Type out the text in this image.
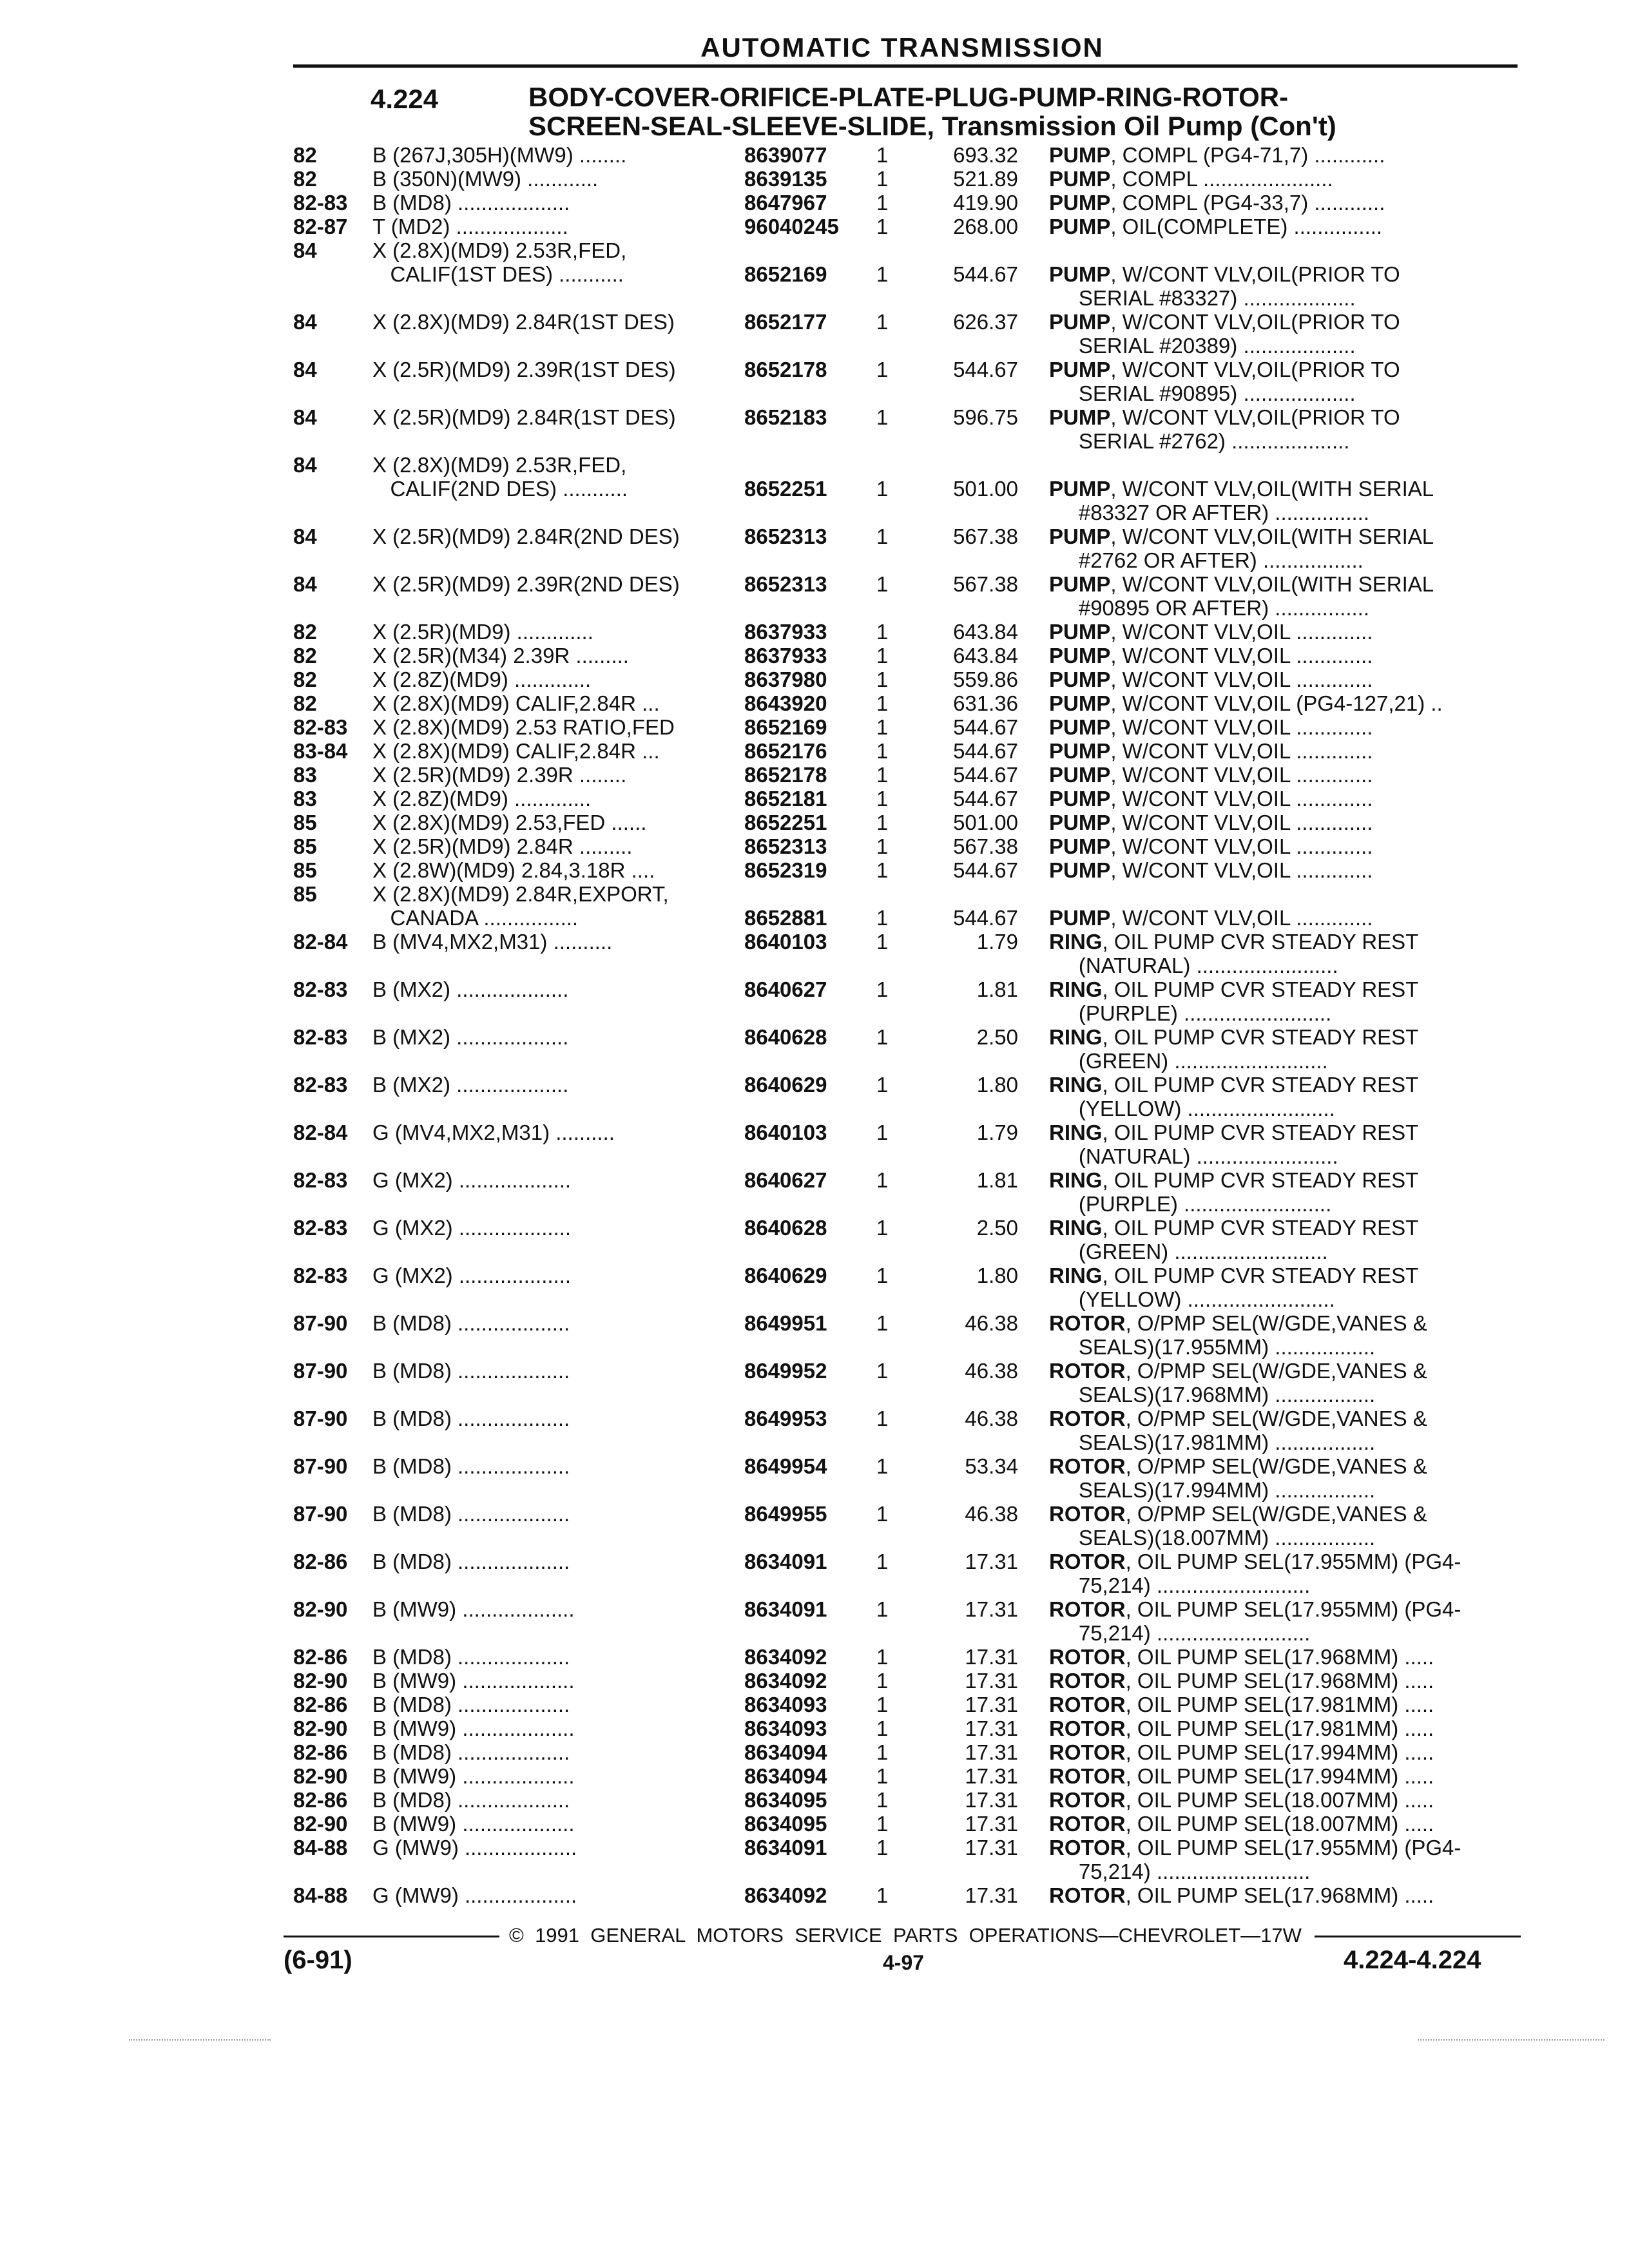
AUTOMATIC TRANSMISSION
4.224	BODY-COVER-ORIFICE-PLATE-PLUG-PUMP-RING-ROTOR-
SCREEN-SEAL-SLEEVE-SLIDE, Transmission Oil Pump (Con't)
82	B (267J,305H)(MW9) ........	8639077	1	693.32 PUMP, COMPL (PG4-71,7) ............
82	B (350N)(MW9) ............	8639135	1	521.89 PUMP, COMPL ......................
82-83	B (MD8) ...................	8647967	1	419.90 PUMP, COMPL (PG4-33,7) ............
82-87	T (MD2) ...................	96040245	1	268.00 PUMP, OIL(COMPLETE) ...............
84	X (2.8X)(MD9) 2.53R,FED,
CALIF(1ST DES) ...........	8652169	1	544.67 PUMP, W/CONT VLV,OIL(PRIOR TO
SERIAL #83327) ...................
84	X (2.8X)(MD9) 2.84R(1ST DES)	8652177	1	626.37 PUMP, W/CONT VLV,OIL(PRIOR TO
SERIAL #20389) ...................
84	X (2.5R)(MD9) 2.39R(1ST DES)	8652178	1	544.67 PUMP, W/CONT VLV,OIL(PRIOR TO
SERIAL #90895) ...................
84	X (2.5R)(MD9) 2.84R(1ST DES)	8652183	1	596.75 PUMP, W/CONT VLV,OIL(PRIOR TO
SERIAL #2762) ....................
84	X (2.8X)(MD9) 2.53R,FED,
CALIF(2ND DES) ...........	8652251	1	501.00 PUMP, W/CONT VLV,OIL(WITH SERIAL
#83327 OR AFTER) ................
84	X (2.5R)(MD9) 2.84R(2ND DES)	8652313	1	567.38 PUMP, W/CONT VLV,OIL(WITH SERIAL
#2762 OR AFTER) .................
84	X (2.5R)(MD9) 2.39R(2ND DES)	8652313	1	567.38 PUMP, W/CONT VLV,OIL(WITH SERIAL
#90895 OR AFTER) ................
82	X (2.5R)(MD9) .............	8637933	1	643.84 PUMP, W/CONT VLV,OIL .............
82	X (2.5R)(M34) 2.39R .........	8637933	1	643.84 PUMP, W/CONT VLV,OIL .............
82	X (2.8Z)(MD9) .............	8637980	1	559.86 PUMP, W/CONT VLV,OIL .............
82	X (2.8X)(MD9) CALIF,2.84R ...	8643920	1	631.36 PUMP, W/CONT VLV,OIL (PG4-127,21) ..
82-83	X (2.8X)(MD9) 2.53 RATIO,FED	8652169	1	544.67 PUMP, W/CONT VLV,OIL .............
83-84	X (2.8X)(MD9) CALIF,2.84R ...	8652176	1	544.67 PUMP, W/CONT VLV,OIL .............
83	X (2.5R)(MD9) 2.39R ........	8652178	1	544.67 PUMP, W/CONT VLV,OIL .............
83	X (2.8Z)(MD9) .............	8652181	1	544.67 PUMP, W/CONT VLV,OIL .............
85	X (2.8X)(MD9) 2.53,FED ......	8652251	1	501.00 PUMP, W/CONT VLV,OIL .............
85	X (2.5R)(MD9) 2.84R .........	8652313	1	567.38 PUMP, W/CONT VLV,OIL .............
85	X (2.8W)(MD9) 2.84,3.18R ....	8652319	1	544.67 PUMP, W/CONT VLV,OIL .............
85	X (2.8X)(MD9) 2.84R,EXPORT,
CANADA ................	8652881	1	544.67 PUMP, W/CONT VLV,OIL .............
82-84	B (MV4,MX2,M31) ..........	8640103	1	1.79 RING, OIL PUMP CVR STEADY REST
(NATURAL) ........................
82-83	B (MX2) ...................	8640627	1	1.81 RING, OIL PUMP CVR STEADY REST
(PURPLE) .........................
82-83	B (MX2) ...................	8640628	1	2.50 RING, OIL PUMP CVR STEADY REST
(GREEN) ..........................
82-83	B (MX2) ...................	8640629	1	1.80 RING, OIL PUMP CVR STEADY REST
(YELLOW) .........................
82-84	G (MV4,MX2,M31) ..........	8640103	1	1.79 RING, OIL PUMP CVR STEADY REST
(NATURAL) ........................
82-83	G (MX2) ...................	8640627	1	1.81 RING, OIL PUMP CVR STEADY REST
(PURPLE) .........................
82-83	G (MX2) ...................	8640628	1	2.50 RING, OIL PUMP CVR STEADY REST
(GREEN) ..........................
82-83	G (MX2) ...................	8640629	1	1.80 RING, OIL PUMP CVR STEADY REST
(YELLOW) .........................
87-90	B (MD8) ...................	8649951	1	46.38 ROTOR, O/PMP SEL(W/GDE,VANES &
SEALS)(17.955MM) .................
87-90	B (MD8) ...................	8649952	1	46.38 ROTOR, O/PMP SEL(W/GDE,VANES &
SEALS)(17.968MM) .................
87-90	B (MD8) ...................	8649953	1	46.38 ROTOR, O/PMP SEL(W/GDE,VANES &
SEALS)(17.981MM) .................
87-90	B (MD8) ...................	8649954	1	53.34 ROTOR, O/PMP SEL(W/GDE,VANES &
SEALS)(17.994MM) .................
87-90	B (MD8) ...................	8649955	1	46.38 ROTOR, O/PMP SEL(W/GDE,VANES &
SEALS)(18.007MM) .................
82-86	B (MD8) ...................	8634091	1	17.31 ROTOR, OIL PUMP SEL(17.955MM) (PG4-
75,214) ..........................
82-90	B (MW9) ...................	8634091	1	17.31 ROTOR, OIL PUMP SEL(17.955MM) (PG4-
75,214) ..........................
82-86	B (MD8) ...................	8634092	1	17.31 ROTOR, OIL PUMP SEL(17.968MM) .....
82-90	B (MW9) ...................	8634092	1	17.31 ROTOR, OIL PUMP SEL(17.968MM) .....
82-86	B (MD8) ...................	8634093	1	17.31 ROTOR, OIL PUMP SEL(17.981MM) .....
82-90	B (MW9) ...................	8634093	1	17.31 ROTOR, OIL PUMP SEL(17.981MM) .....
82-86	B (MD8) ...................	8634094	1	17.31 ROTOR, OIL PUMP SEL(17.994MM) .....
82-90	B (MW9) ...................	8634094	1	17.31 ROTOR, OIL PUMP SEL(17.994MM) .....
82-86	B (MD8) ...................	8634095	1	17.31 ROTOR, OIL PUMP SEL(18.007MM) .....
82-90	B (MW9) ...................	8634095	1	17.31 ROTOR, OIL PUMP SEL(18.007MM) .....
84-88	G (MW9) ...................	8634091	1	17.31 ROTOR, OIL PUMP SEL(17.955MM) (PG4-
75,214) ..........................
84-88	G (MW9) ...................	8634092	1	17.31 ROTOR, OIL PUMP SEL(17.968MM) .....
©  1991  GENERAL  MOTORS  SERVICE  PARTS  OPERATIONS—CHEVROLET—17W
(6-91)	4-97	4.224-4.224
